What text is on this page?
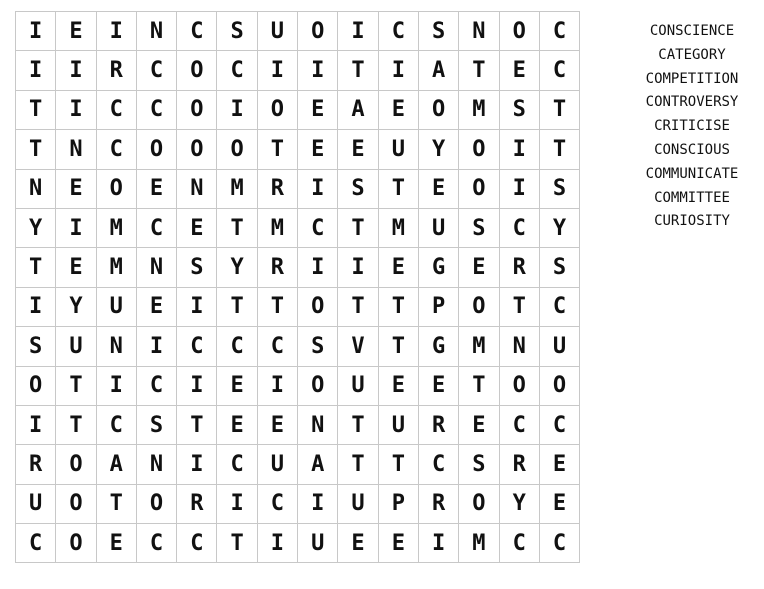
I	E	I	N	C	S	U	O	I	C	S	N	O	C
I	I	R	C	O	C	I	I	T	I	A	T	E	C
T	I	C	C	O	I	O	E	A	E	O	M	S	T
T	N	C	O	O	O	T	E	E	U	Y	O	I	T
N	E	O	E	N	M	R	I	S	T	E	O	I	S
Y	I	M	C	E	T	M	C	T	M	U	S	C	Y
T	E	M	N	S	Y	R	I	I	E	G	E	R	S
I	Y	U	E	I	T	T	O	T	T	P	O	T	C
S	U	N	I	C	C	C	S	V	T	G	M	N	U
O	T	I	C	I	E	I	O	U	E	E	T	O	O
I	T	C	S	T	E	E	N	T	U	R	E	C	C
R	O	A	N	I	C	U	A	T	T	C	S	R	E
U	O	T	O	R	I	C	I	U	P	R	O	Y	E
C	O	E	C	C	T	I	U	E	E	I	M	C	C
CONSCIENCE
CATEGORY
COMPETITION
CONTROVERSY
CRITICISE
CONSCIOUS
COMMUNICATE
COMMITTEE
CURIOSITY
